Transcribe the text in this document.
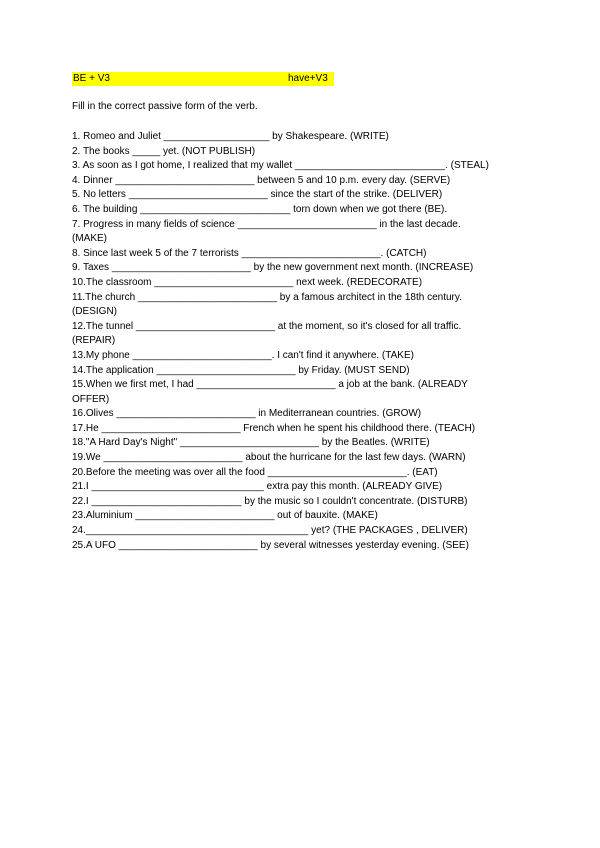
BE + V3	have+V3
Fill in the correct passive form of the verb.
1. Romeo and Juliet ___________________ by Shakespeare. (WRITE)
2. The books _____ yet. (NOT PUBLISH)
3. As soon as I got home, I realized that my wallet ___________________________. (STEAL)
4. Dinner _________________________ between 5 and 10 p.m. every day. (SERVE)
5. No letters _________________________ since the start of the strike. (DELIVER)
6. The building ___________________________ torn down when we got there (BE).
7. Progress in many fields of science _________________________ in the last decade.
(MAKE)
8. Since last week 5 of the 7 terrorists _________________________. (CATCH)
9. Taxes _________________________ by the new government next month. (INCREASE)
10.The classroom _________________________ next week. (REDECORATE)
11.The church _________________________ by a famous architect in the 18th century.
(DESIGN)
12.The tunnel _________________________ at the moment, so it's closed for all traffic.
(REPAIR)
13.My phone _________________________. I can't find it anywhere. (TAKE)
14.The application _________________________ by Friday. (MUST SEND)
15.When we first met, I had _________________________ a job at the bank. (ALREADY
OFFER)
16.Olives _________________________ in Mediterranean countries. (GROW)
17.He _________________________ French when he spent his childhood there. (TEACH)
18."A Hard Day's Night" _________________________ by the Beatles. (WRITE)
19.We _________________________ about the hurricane for the last few days. (WARN)
20.Before the meeting was over all the food _________________________. (EAT)
21.I _______________________________ extra pay this month. (ALREADY GIVE)
22.I ___________________________ by the music so I couldn't concentrate. (DISTURB)
23.Aluminium _________________________ out of bauxite. (MAKE)
24.________________________________________ yet? (THE PACKAGES , DELIVER)
25.A UFO _________________________ by several witnesses yesterday evening. (SEE)
